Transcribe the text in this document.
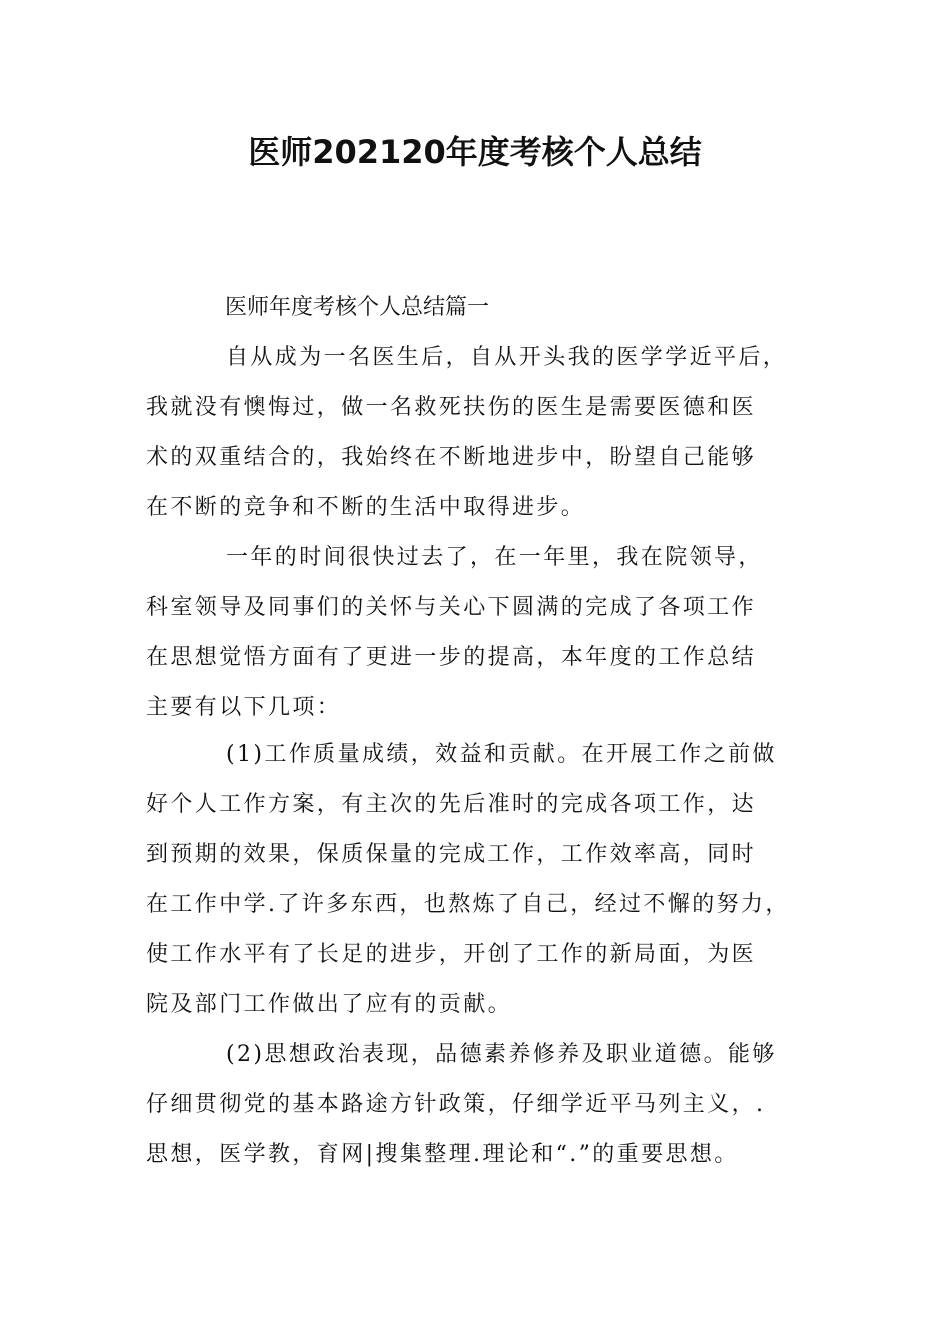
医师202120年度考核个人总结

医师年度考核个人总结篇一

自从成为一名医生后，自从开头我的医学学近平后，

我就没有懊悔过，做一名救死扶伤的医生是需要医德和医

术的双重结合的，我始终在不断地进步中，盼望自己能够

在不断的竞争和不断的生活中取得进步。

一年的时间很快过去了，在一年里，我在院领导，

科室领导及同事们的关怀与关心下圆满的完成了各项工作

在思想觉悟方面有了更进一步的提高，本年度的工作总结

主要有以下几项：

(1)工作质量成绩，效益和贡献。在开展工作之前做

好个人工作方案，有主次的先后准时的完成各项工作，达

到预期的效果，保质保量的完成工作，工作效率高，同时

在工作中学.了许多东西，也熬炼了自己，经过不懈的努力，

使工作水平有了长足的进步，开创了工作的新局面，为医

院及部门工作做出了应有的贡献。

(2)思想政治表现，品德素养修养及职业道德。能够

仔细贯彻党的基本路途方针政策，仔细学近平马列主义，.

思想，医学教，育网|搜集整理.理论和“.”的重要思想。
